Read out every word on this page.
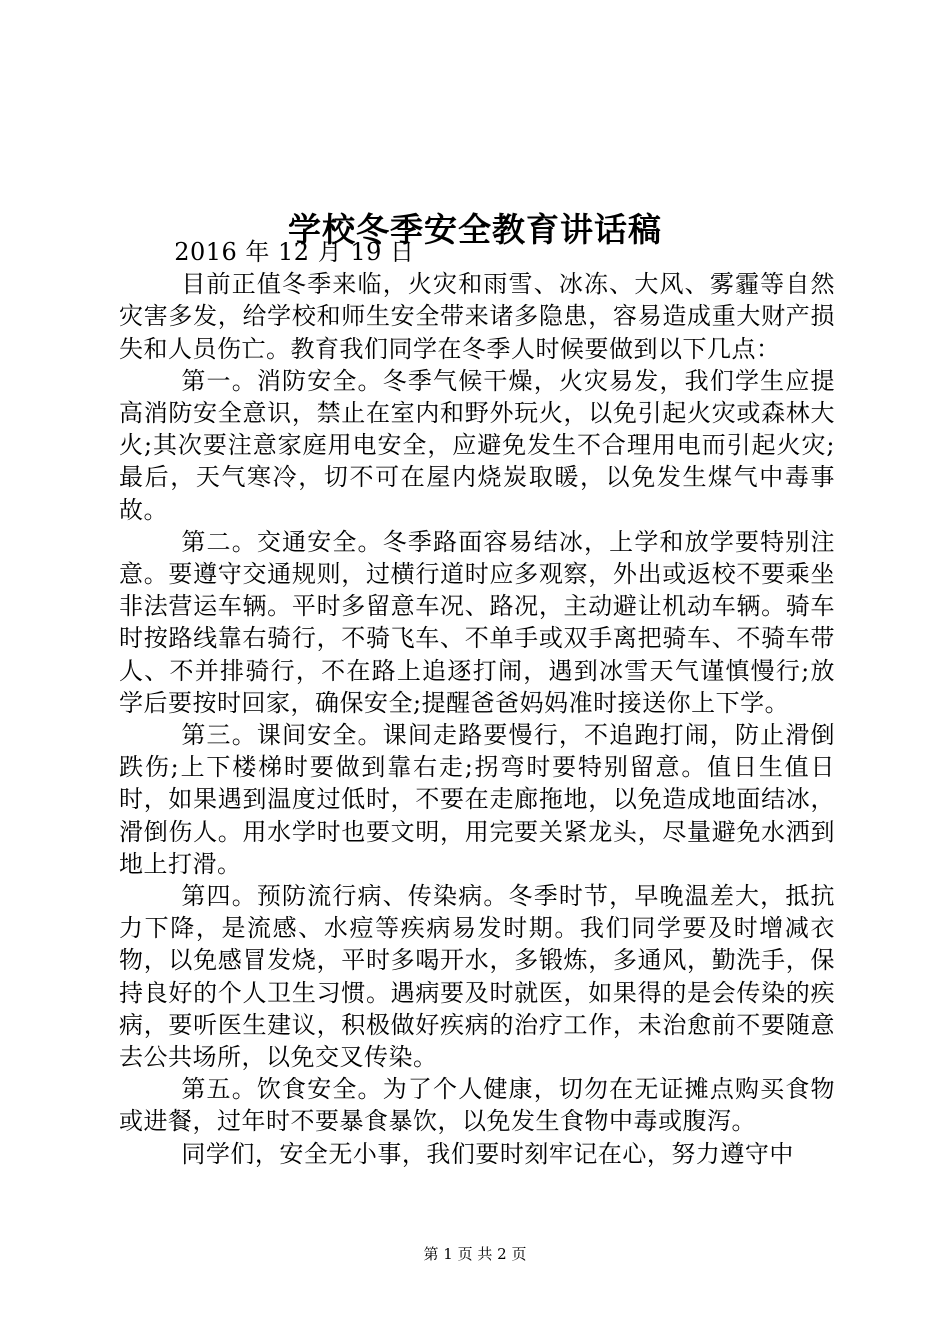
学校冬季安全教育讲话稿

2016 年 12 月 19 日

目前正值冬季来临，火灾和雨雪、冰冻、大风、雾霾等自然灾害多发，给学校和师生安全带来诸多隐患，容易造成重大财产损失和人员伤亡。教育我们同学在冬季人时候要做到以下几点：

第一。消防安全。冬季气候干燥，火灾易发，我们学生应提高消防安全意识，禁止在室内和野外玩火，以免引起火灾或森林大火;其次要注意家庭用电安全，应避免发生不合理用电而引起火灾;最后，天气寒冷，切不可在屋内烧炭取暖，以免发生煤气中毒事故。

第二。交通安全。冬季路面容易结冰，上学和放学要特别注意。要遵守交通规则，过横行道时应多观察，外出或返校不要乘坐非法营运车辆。平时多留意车况、路况，主动避让机动车辆。骑车时按路线靠右骑行，不骑飞车、不单手或双手离把骑车、不骑车带人、不并排骑行，不在路上追逐打闹，遇到冰雪天气谨慎慢行;放学后要按时回家，确保安全;提醒爸爸妈妈准时接送你上下学。

第三。课间安全。课间走路要慢行，不追跑打闹，防止滑倒跌伤;上下楼梯时要做到靠右走;拐弯时要特别留意。值日生值日时，如果遇到温度过低时，不要在走廊拖地，以免造成地面结冰，滑倒伤人。用水学时也要文明，用完要关紧龙头，尽量避免水洒到地上打滑。

第四。预防流行病、传染病。冬季时节，早晚温差大，抵抗力下降，是流感、水痘等疾病易发时期。我们同学要及时增减衣物，以免感冒发烧，平时多喝开水，多锻炼，多通风，勤洗手，保持良好的个人卫生习惯。遇病要及时就医，如果得的是会传染的疾病，要听医生建议，积极做好疾病的治疗工作，未治愈前不要随意去公共场所，以免交叉传染。

第五。饮食安全。为了个人健康，切勿在无证摊点购买食物或进餐，过年时不要暴食暴饮，以免发生食物中毒或腹泻。

同学们，安全无小事，我们要时刻牢记在心，努力遵守中

第 1 页 共 2 页
